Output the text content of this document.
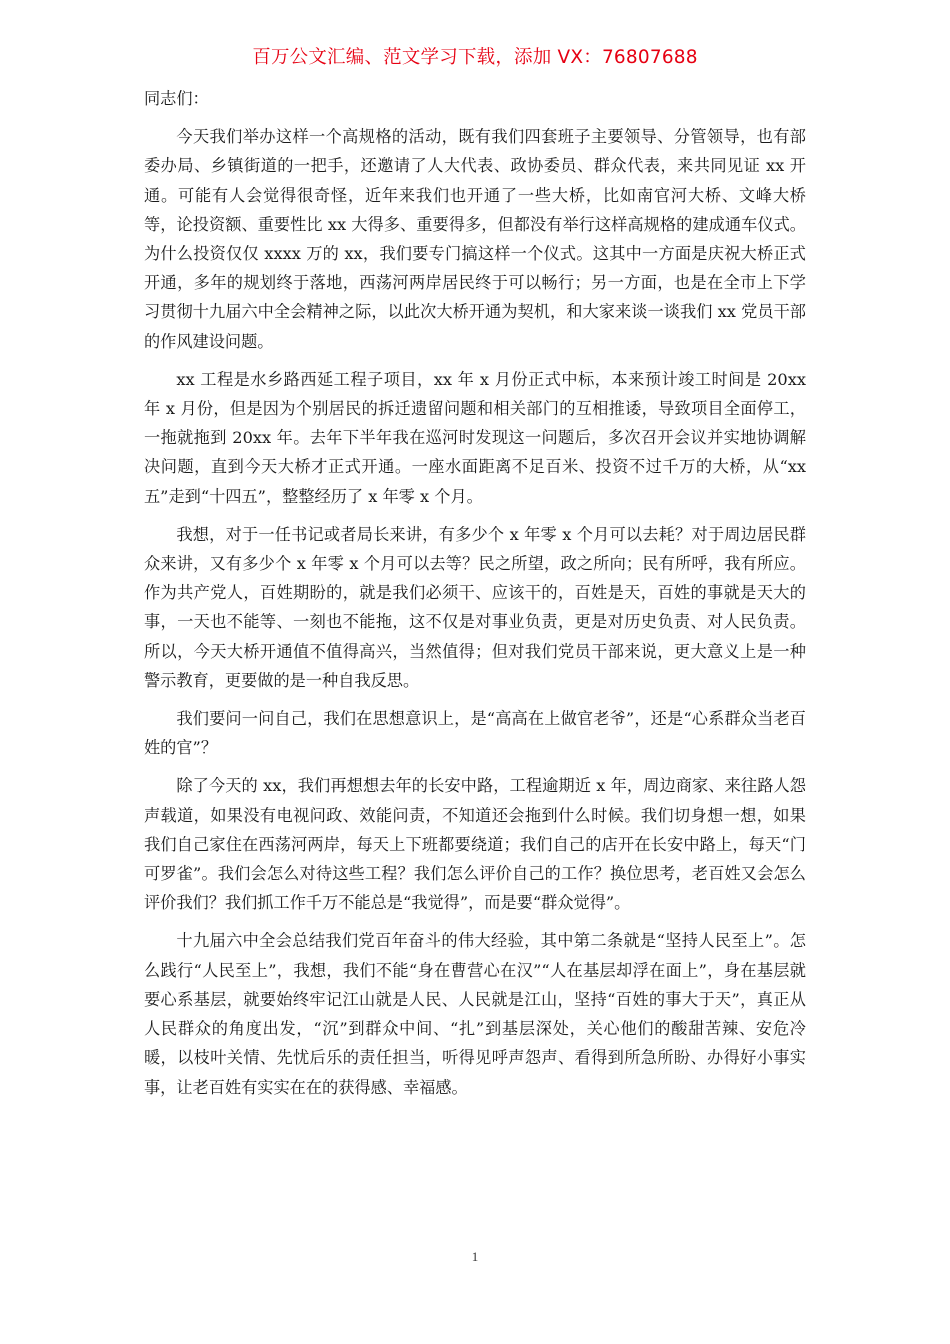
百万公文汇编、范文学习下载，添加 VX：76807688

同志们：

今天我们举办这样一个高规格的活动，既有我们四套班子主要领导、分管领导，也有部委办局、乡镇街道的一把手，还邀请了人大代表、政协委员、群众代表，来共同见证 xx 开通。可能有人会觉得很奇怪，近年来我们也开通了一些大桥，比如南官河大桥、文峰大桥等，论投资额、重要性比 xx 大得多、重要得多，但都没有举行这样高规格的建成通车仪式。为什么投资仅仅 xxxx 万的 xx，我们要专门搞这样一个仪式。这其中一方面是庆祝大桥正式开通，多年的规划终于落地，西荡河两岸居民终于可以畅行；另一方面，也是在全市上下学习贯彻十九届六中全会精神之际，以此次大桥开通为契机，和大家来谈一谈我们 xx 党员干部的作风建设问题。

xx 工程是水乡路西延工程子项目，xx 年 x 月份正式中标，本来预计竣工时间是 20xx 年 x 月份，但是因为个别居民的拆迁遗留问题和相关部门的互相推诿，导致项目全面停工，一拖就拖到 20xx 年。去年下半年我在巡河时发现这一问题后，多次召开会议并实地协调解决问题，直到今天大桥才正式开通。一座水面距离不足百米、投资不过千万的大桥，从“xx 五”走到“十四五”，整整经历了 x 年零 x 个月。

我想，对于一任书记或者局长来讲，有多少个 x 年零 x 个月可以去耗？对于周边居民群众来讲，又有多少个 x 年零 x 个月可以去等？民之所望，政之所向；民有所呼，我有所应。作为共产党人，百姓期盼的，就是我们必须干、应该干的，百姓是天，百姓的事就是天大的事，一天也不能等、一刻也不能拖，这不仅是对事业负责，更是对历史负责、对人民负责。所以，今天大桥开通值不值得高兴，当然值得；但对我们党员干部来说，更大意义上是一种警示教育，更要做的是一种自我反思。

我们要问一问自己，我们在思想意识上，是“高高在上做官老爷”，还是“心系群众当老百姓的官”？

除了今天的 xx，我们再想想去年的长安中路，工程逾期近 x 年，周边商家、来往路人怨声载道，如果没有电视问政、效能问责，不知道还会拖到什么时候。我们切身想一想，如果我们自己家住在西荡河两岸，每天上下班都要绕道；我们自己的店开在长安中路上，每天“门可罗雀”。我们会怎么对待这些工程？我们怎么评价自己的工作？换位思考，老百姓又会怎么评价我们？我们抓工作千万不能总是“我觉得”，而是要“群众觉得”。

十九届六中全会总结我们党百年奋斗的伟大经验，其中第二条就是“坚持人民至上”。怎么践行“人民至上”，我想，我们不能“身在曹营心在汉”“人在基层却浮在面上”，身在基层就要心系基层，就要始终牢记江山就是人民、人民就是江山，坚持“百姓的事大于天”，真正从人民群众的角度出发，“沉”到群众中间、“扎”到基层深处，关心他们的酸甜苦辣、安危冷暖，以枝叶关情、先忧后乐的责任担当，听得见呼声怨声、看得到所急所盼、办得好小事实事，让老百姓有实实在在的获得感、幸福感。

1
